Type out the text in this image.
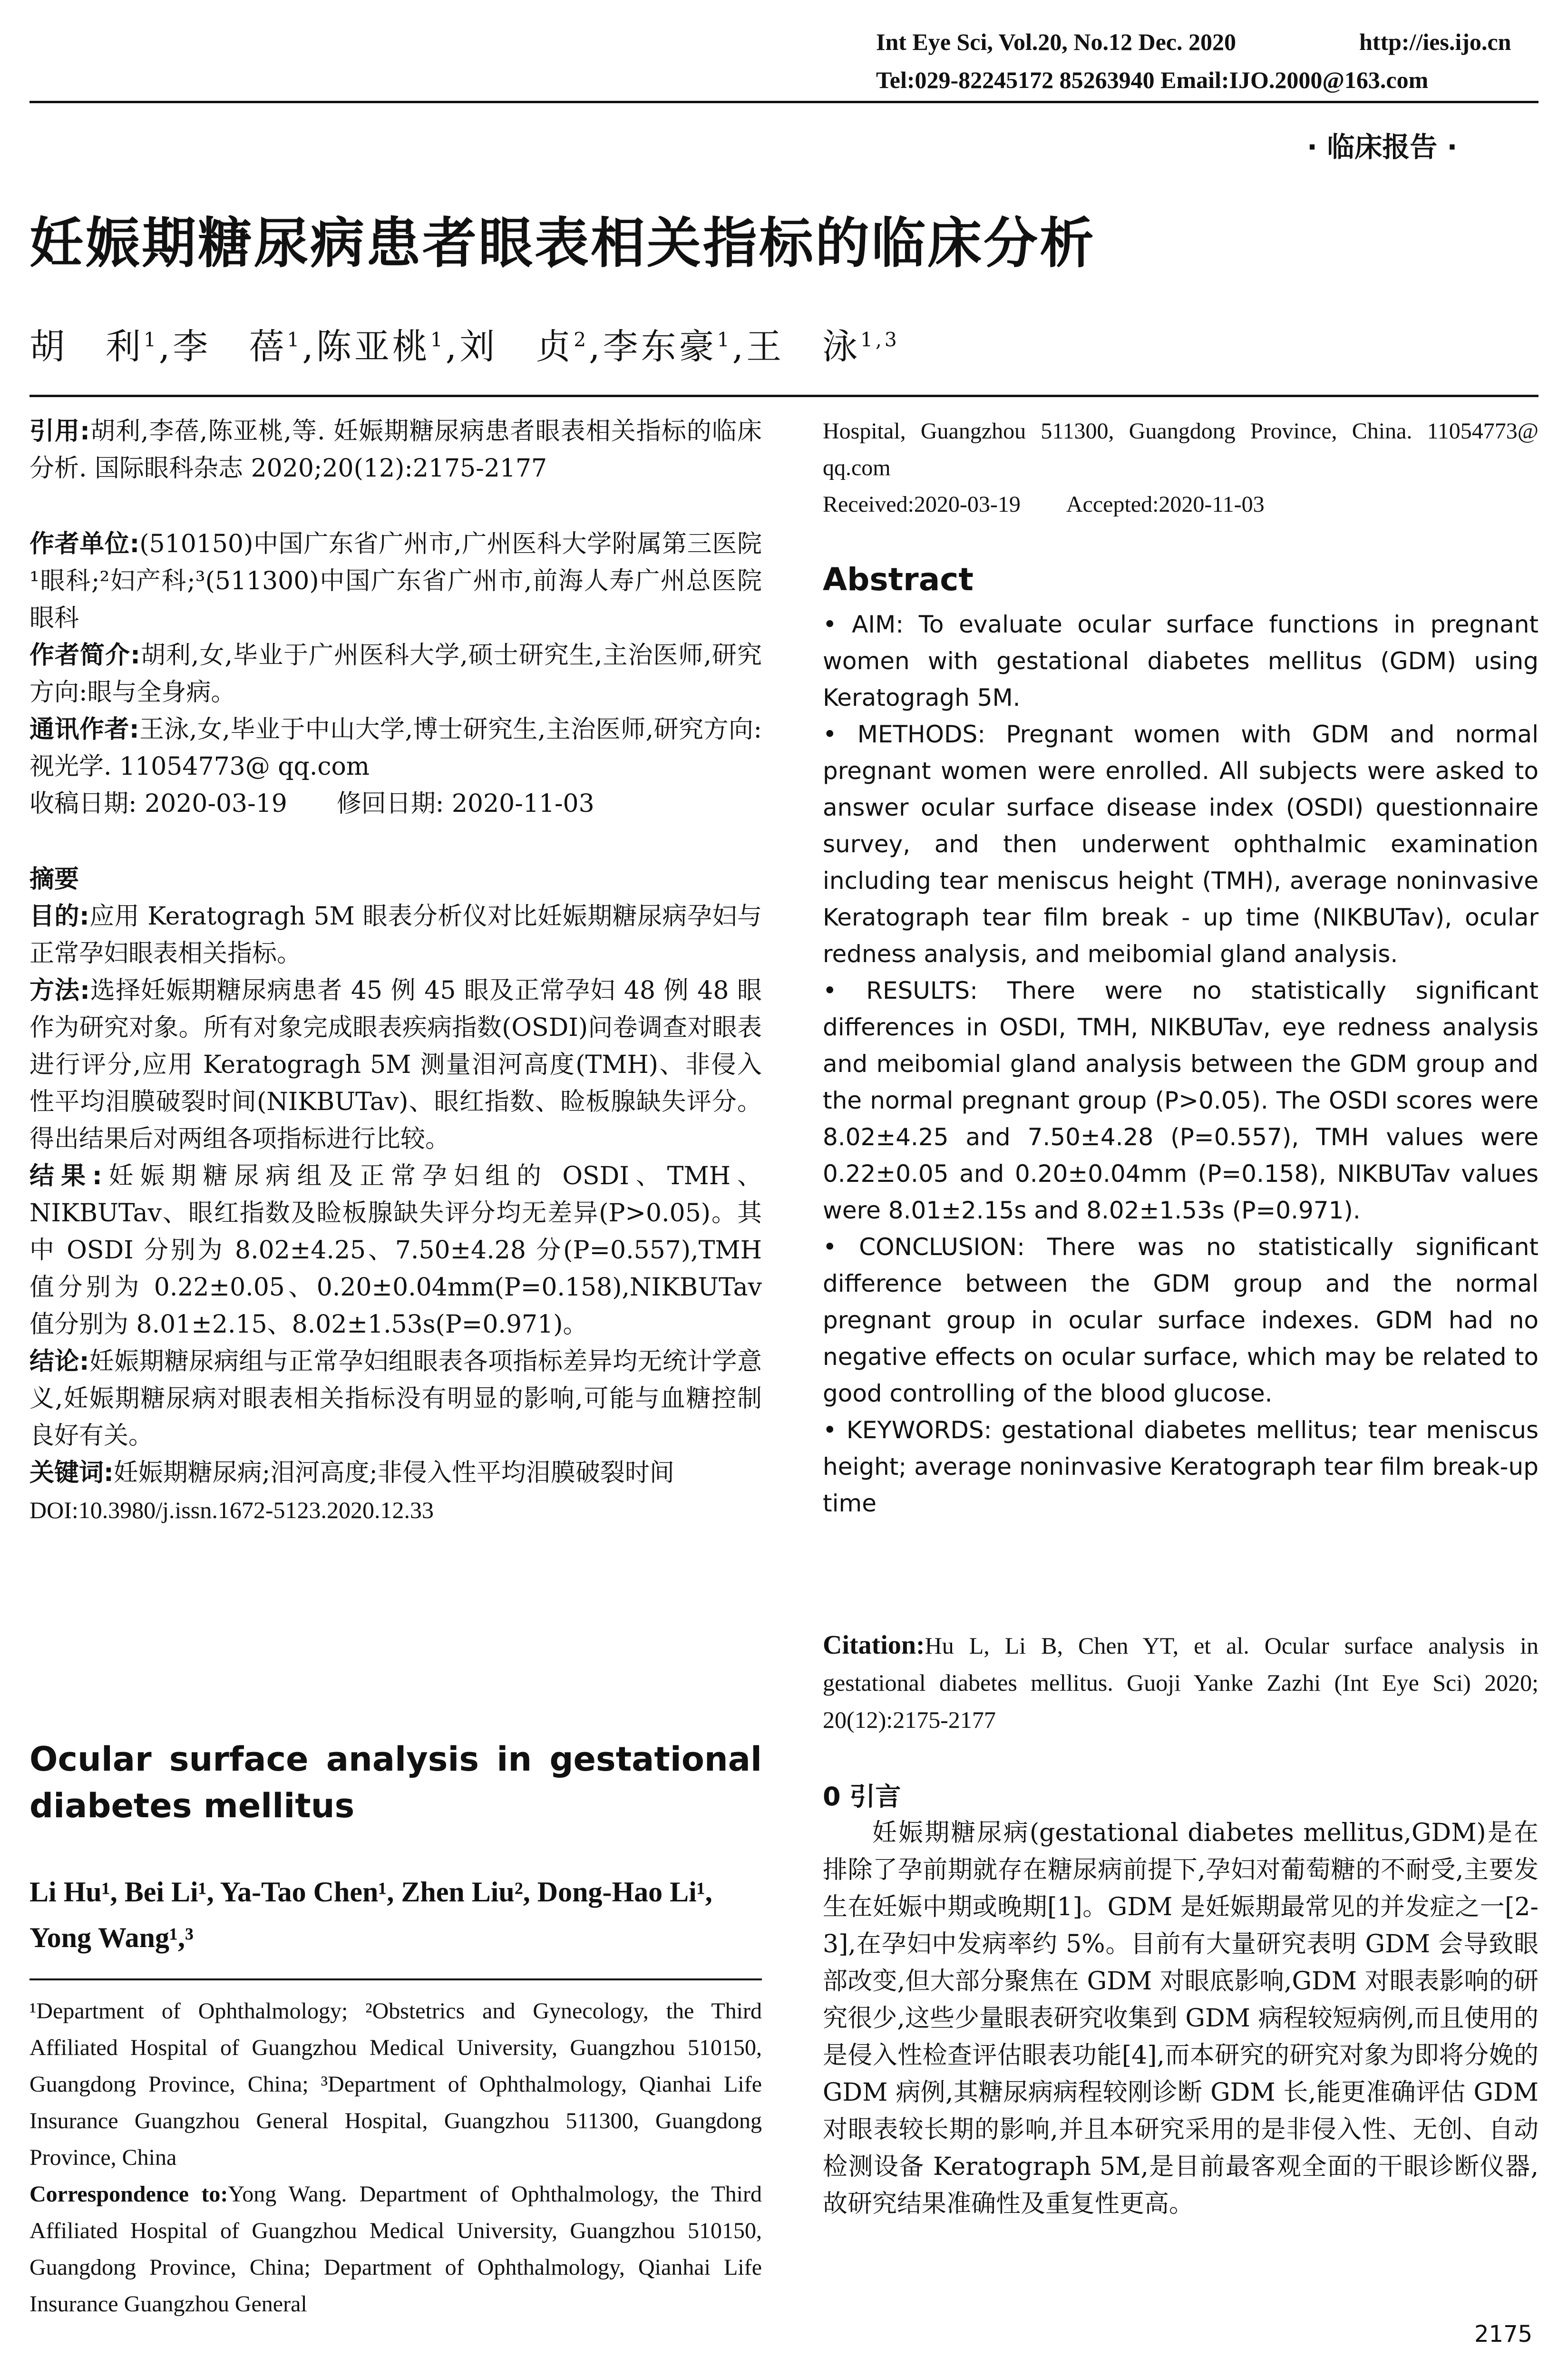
Int Eye Sci, Vol.20, No.12 Dec. 2020	http://ies.ijo.cn
Tel:029-82245172 85263940 Email:IJO.2000@163.com
· 临床报告 ·
妊娠期糖尿病患者眼表相关指标的临床分析
胡　利$^1$,李　蓓$^1$,陈亚桃$^1$,刘　贞$^2$,李东豪$^1$,王　泳$^{1,3}$
引用:胡利,李蓓,陈亚桃,等. 妊娠期糖尿病患者眼表相关指标的临床分析. 国际眼科杂志 2020;20(12):2175-2177

作者单位:(510150)中国广东省广州市,广州医科大学附属第三医院¹眼科;²妇产科;³(511300)中国广东省广州市,前海人寿广州总医院眼科

作者简介:胡利,女,毕业于广州医科大学,硕士研究生,主治医师,研究方向:眼与全身病。

通讯作者:王泳,女,毕业于中山大学,博士研究生,主治医师,研究方向:视光学. 11054773@ qq.com

收稿日期: 2020-03-19　　修回日期: 2020-11-03

摘要

目的:应用 Keratogragh 5M 眼表分析仪对比妊娠期糖尿病孕妇与正常孕妇眼表相关指标。

方法:选择妊娠期糖尿病患者 45 例 45 眼及正常孕妇 48 例 48 眼作为研究对象。所有对象完成眼表疾病指数(OSDI)问卷调查对眼表进行评分,应用 Keratogragh 5M 测量泪河高度(TMH)、非侵入性平均泪膜破裂时间(NIKBUTav)、眼红指数、睑板腺缺失评分。得出结果后对两组各项指标进行比较。

结果:妊娠期糖尿病组及正常孕妇组的 OSDI、TMH、NIKBUTav、眼红指数及睑板腺缺失评分均无差异(P>0.05)。其中 OSDI 分别为 8.02±4.25、7.50±4.28 分(P=0.557),TMH 值分别为 0.22±0.05、0.20±0.04mm(P=0.158),NIKBUTav 值分别为 8.01±2.15、8.02±1.53s(P=0.971)。

结论:妊娠期糖尿病组与正常孕妇组眼表各项指标差异均无统计学意义,妊娠期糖尿病对眼表相关指标没有明显的影响,可能与血糖控制良好有关。

关键词:妊娠期糖尿病;泪河高度;非侵入性平均泪膜破裂时间

DOI:10.3980/j.issn.1672-5123.2020.12.33

Ocular surface analysis in gestational diabetes mellitus
Li Hu¹, Bei Li¹, Ya-Tao Chen¹, Zhen Liu², Dong-Hao Li¹, Yong Wang¹,³

¹Department of Ophthalmology; ²Obstetrics and Gynecology, the Third Affiliated Hospital of Guangzhou Medical University, Guangzhou 510150, Guangdong Province, China; ³Department of Ophthalmology, Qianhai Life Insurance Guangzhou General Hospital, Guangzhou 511300, Guangdong Province, China

Correspondence to:Yong Wang. Department of Ophthalmology, the Third Affiliated Hospital of Guangzhou Medical University, Guangzhou 510150, Guangdong Province, China; Department of Ophthalmology, Qianhai Life Insurance Guangzhou General

Hospital, Guangzhou 511300, Guangdong Province, China. 11054773@ qq.com

Received:2020-03-19　　Accepted:2020-11-03

Abstract

• AIM: To evaluate ocular surface functions in pregnant women with gestational diabetes mellitus (GDM) using Keratogragh 5M.

• METHODS: Pregnant women with GDM and normal pregnant women were enrolled. All subjects were asked to answer ocular surface disease index (OSDI) questionnaire survey, and then underwent ophthalmic examination including tear meniscus height (TMH), average noninvasive Keratograph tear film break - up time (NIKBUTav), ocular redness analysis, and meibomial gland analysis.

• RESULTS: There were no statistically significant differences in OSDI, TMH, NIKBUTav, eye redness analysis and meibomial gland analysis between the GDM group and the normal pregnant group (P>0.05). The OSDI scores were 8.02±4.25 and 7.50±4.28 (P=0.557), TMH values were 0.22±0.05 and 0.20±0.04mm (P=0.158), NIKBUTav values were 8.01±2.15s and 8.02±1.53s (P=0.971).

• CONCLUSION: There was no statistically significant difference between the GDM group and the normal pregnant group in ocular surface indexes. GDM had no negative effects on ocular surface, which may be related to good controlling of the blood glucose.

• KEYWORDS: gestational diabetes mellitus; tear meniscus height; average noninvasive Keratograph tear film break-up time

Citation:Hu L, Li B, Chen YT, et al. Ocular surface analysis in gestational diabetes mellitus. Guoji Yanke Zazhi (Int Eye Sci) 2020; 20(12):2175-2177
0 引言

妊娠期糖尿病(gestational diabetes mellitus,GDM)是在排除了孕前期就存在糖尿病前提下,孕妇对葡萄糖的不耐受,主要发生在妊娠中期或晚期[1]。GDM 是妊娠期最常见的并发症之一[2-3],在孕妇中发病率约 5%。目前有大量研究表明 GDM 会导致眼部改变,但大部分聚焦在 GDM 对眼底影响,GDM 对眼表影响的研究很少,这些少量眼表研究收集到 GDM 病程较短病例,而且使用的是侵入性检查评估眼表功能[4],而本研究的研究对象为即将分娩的 GDM 病例,其糖尿病病程较刚诊断 GDM 长,能更准确评估 GDM 对眼表较长期的影响,并且本研究采用的是非侵入性、无创、自动检测设备 Keratograph 5M,是目前最客观全面的干眼诊断仪器,故研究结果准确性及重复性更高。

2175
